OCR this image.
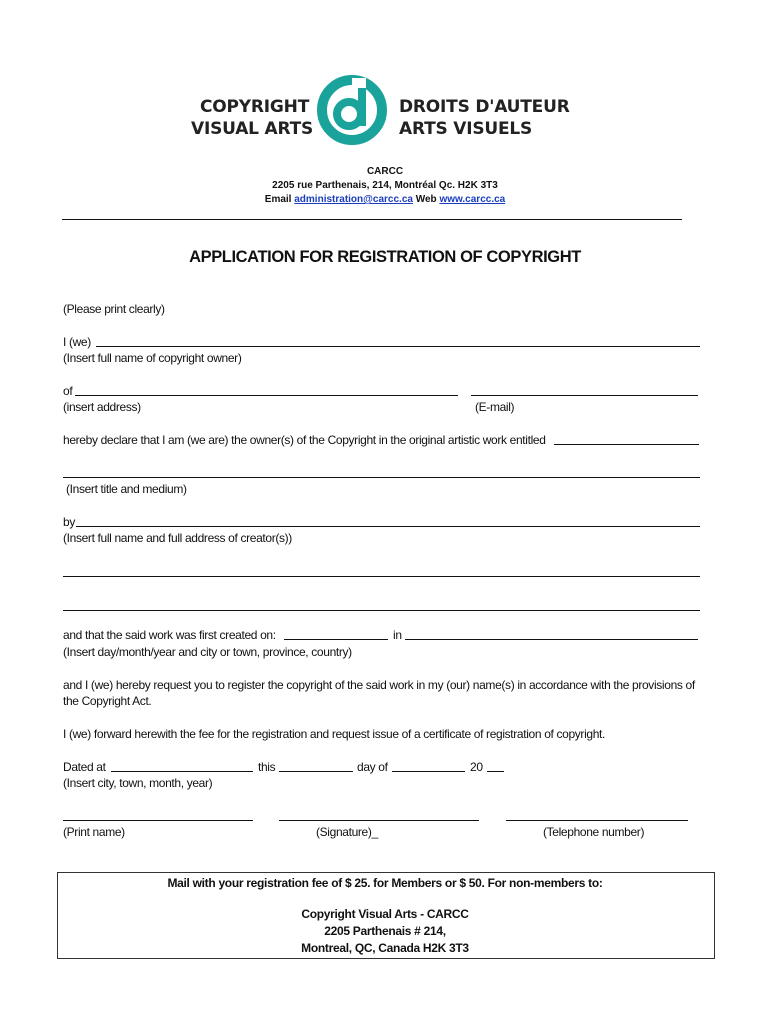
COPYRIGHT
VISUAL ARTS
DROITS D'AUTEUR
ARTS VISUELS
CARCC
2205 rue Parthenais, 214, Montréal Qc. H2K 3T3
Email administration@carcc.ca Web www.carcc.ca
APPLICATION FOR REGISTRATION OF COPYRIGHT
(Please print clearly)
I (we)
(Insert full name of copyright owner)
of
(insert address)	(E-mail)
hereby declare that I am (we are) the owner(s) of the Copyright in the original artistic work entitled
(Insert title and medium)
by
(Insert full name and full address of creator(s))
and that the said work was first created on:	in
(Insert day/month/year and city or town, province, country)
and I (we) hereby request you to register the copyright of the said work in my (our) name(s) in accordance with the provisions of
the Copyright Act.
I (we) forward herewith the fee for the registration and request issue of a certificate of registration of copyright.
Dated at	this	day of	20
(Insert city, town, month, year)
(Print name)	(Signature)_	(Telephone number)
Mail with your registration fee of $ 25. for Members or $ 50. For non-members to:
Copyright Visual Arts - CARCC
2205 Parthenais # 214,
Montreal, QC, Canada H2K 3T3
